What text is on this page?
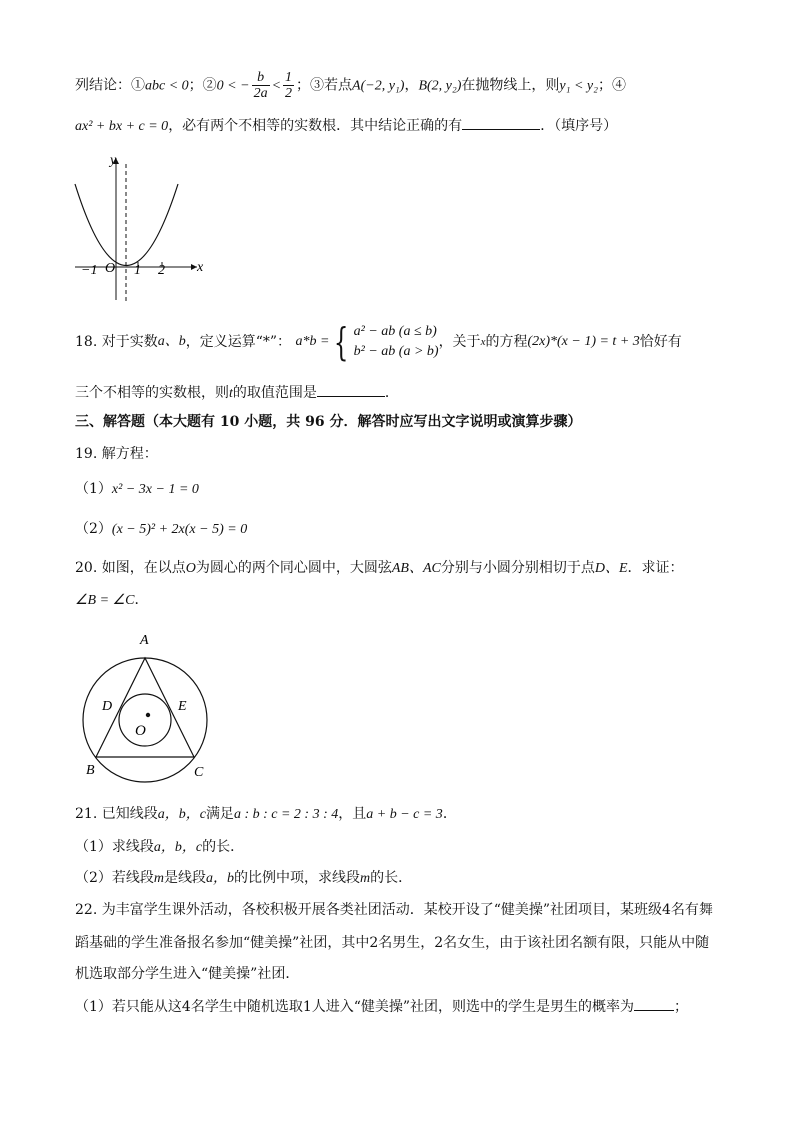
列结论：①abc < 0；②0 < − $\frac{b}{2a} < \frac{1}{2}$ ；③若点A(−2, y₁)，B(2, y₂)在抛物线上，则y₁ < y₂；④
ax² + bx + c = 0，必有两个不相等的实数根．其中结论正确的有	．（填序号）
y
x
O
−1	1 2
18.
对于实数 a、b ，定义运算“*”：
a*b = { a² − ab (a ≤ b)
b² − ab (a > b)
，关于 x 的方程 (2x)*(x − 1) = t + 3 恰好有
三个不相等的实数根，则t的取值范围是	．
三、解答题（本大题有 10 小题，共 96 分．解答时应写出文字说明或演算步骤）
19. 解方程：
（1）x² − 3x − 1 = 0
（2）(x − 5)² + 2x(x − 5) = 0
20. 如图，在以点O为圆心的两个同心圆中，大圆弦AB、AC分别与小圆分别相切于点D、E．求证：
∠B = ∠C．
A
B	C
D	E
O
21. 已知线段a，b，c满足a : b : c = 2 : 3 : 4，且a + b − c = 3．
（1）求线段a，b，c的长．
（2）若线段m是线段a，b的比例中项，求线段m的长．
22. 为丰富学生课外活动，各校积极开展各类社团活动．某校开设了“健美操”社团项目，某班级4名有舞
蹈基础的学生准备报名参加“健美操”社团，其中2名男生，2名女生，由于该社团名额有限，只能从中随
机选取部分学生进入“健美操”社团．
（1）若只能从这4名学生中随机选取1人进入“健美操”社团，则选中的学生是男生的概率为	；
